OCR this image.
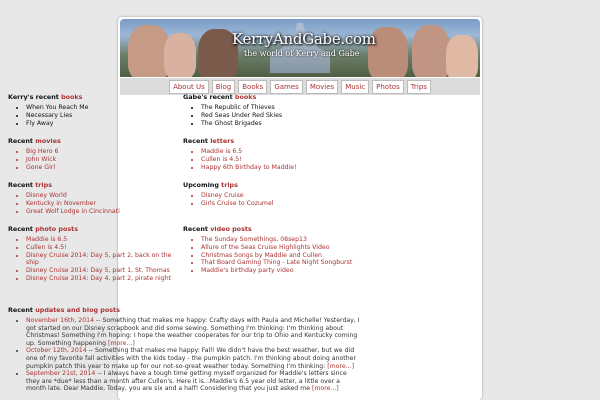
KerryAndGabe.com
the world of Kerry and Gabe
About Us	Blog	Books	Games	Movies	Music	Photos	Trips
Kerry's recent books
• When You Reach Me
• Necessary Lies
• Fly Away
Recent movies
• Big Hero 6
• John Wick
• Gone Girl
Recent trips
• Disney World
• Kentucky in November
• Great Wolf Lodge in Cincinnati
Recent photo posts
• Maddie is 6.5
• Cullen is 4.5!
• Disney Cruise 2014: Day 5, part 2, back on the ship
• Disney Cruise 2014: Day 5, part 1, St. Thomas
• Disney Cruise 2014: Day 4, part 2, pirate night
Gabe's recent books
• The Republic of Thieves
• Red Seas Under Red Skies
• The Ghost Brigades
Recent letters
• Maddie is 6.5
• Cullen is 4.5!
• Happy 6th Birthday to Maddie!
Upcoming trips
• Disney Cruise
• Girls Cruise to Cozumel
Recent video posts
• The Sunday Somethings, 08sep13
• Allure of the Seas Cruise Highlights Video
• Christmas Songs by Maddie and Cullen
• That Board Gaming Thing - Late Night Songburst
• Maddie's birthday party video
Recent updates and blog posts
• November 16th, 2014 -- Something that makes me happy: Crafty days with Paula and Michelle! Yesterday, I got started on our Disney scrapbook and did some sewing. Something I'm thinking: I'm thinking about Christmas! Something I'm hoping: I hope the weather cooperates for our trip to Ohio and Kentucky coming up. Something happening [more...]
• October 12th, 2014 -- Something that makes me happy: Fall! We didn't have the best weather, but we did one of my favorite fall activities with the kids today - the pumpkin patch. I'm thinking about doing another pumpkin patch this year to make up for our not-so-great weather today. Something I'm thinking: [more...]
• September 21st, 2014 -- I always have a tough time getting myself organized for Maddie's letters since they are *due* less than a month after Cullen's. Here it is...Maddie's 6.5 year old letter, a little over a month late. Dear Maddie, Today, you are six and a half! Considering that you just asked me [more...]
